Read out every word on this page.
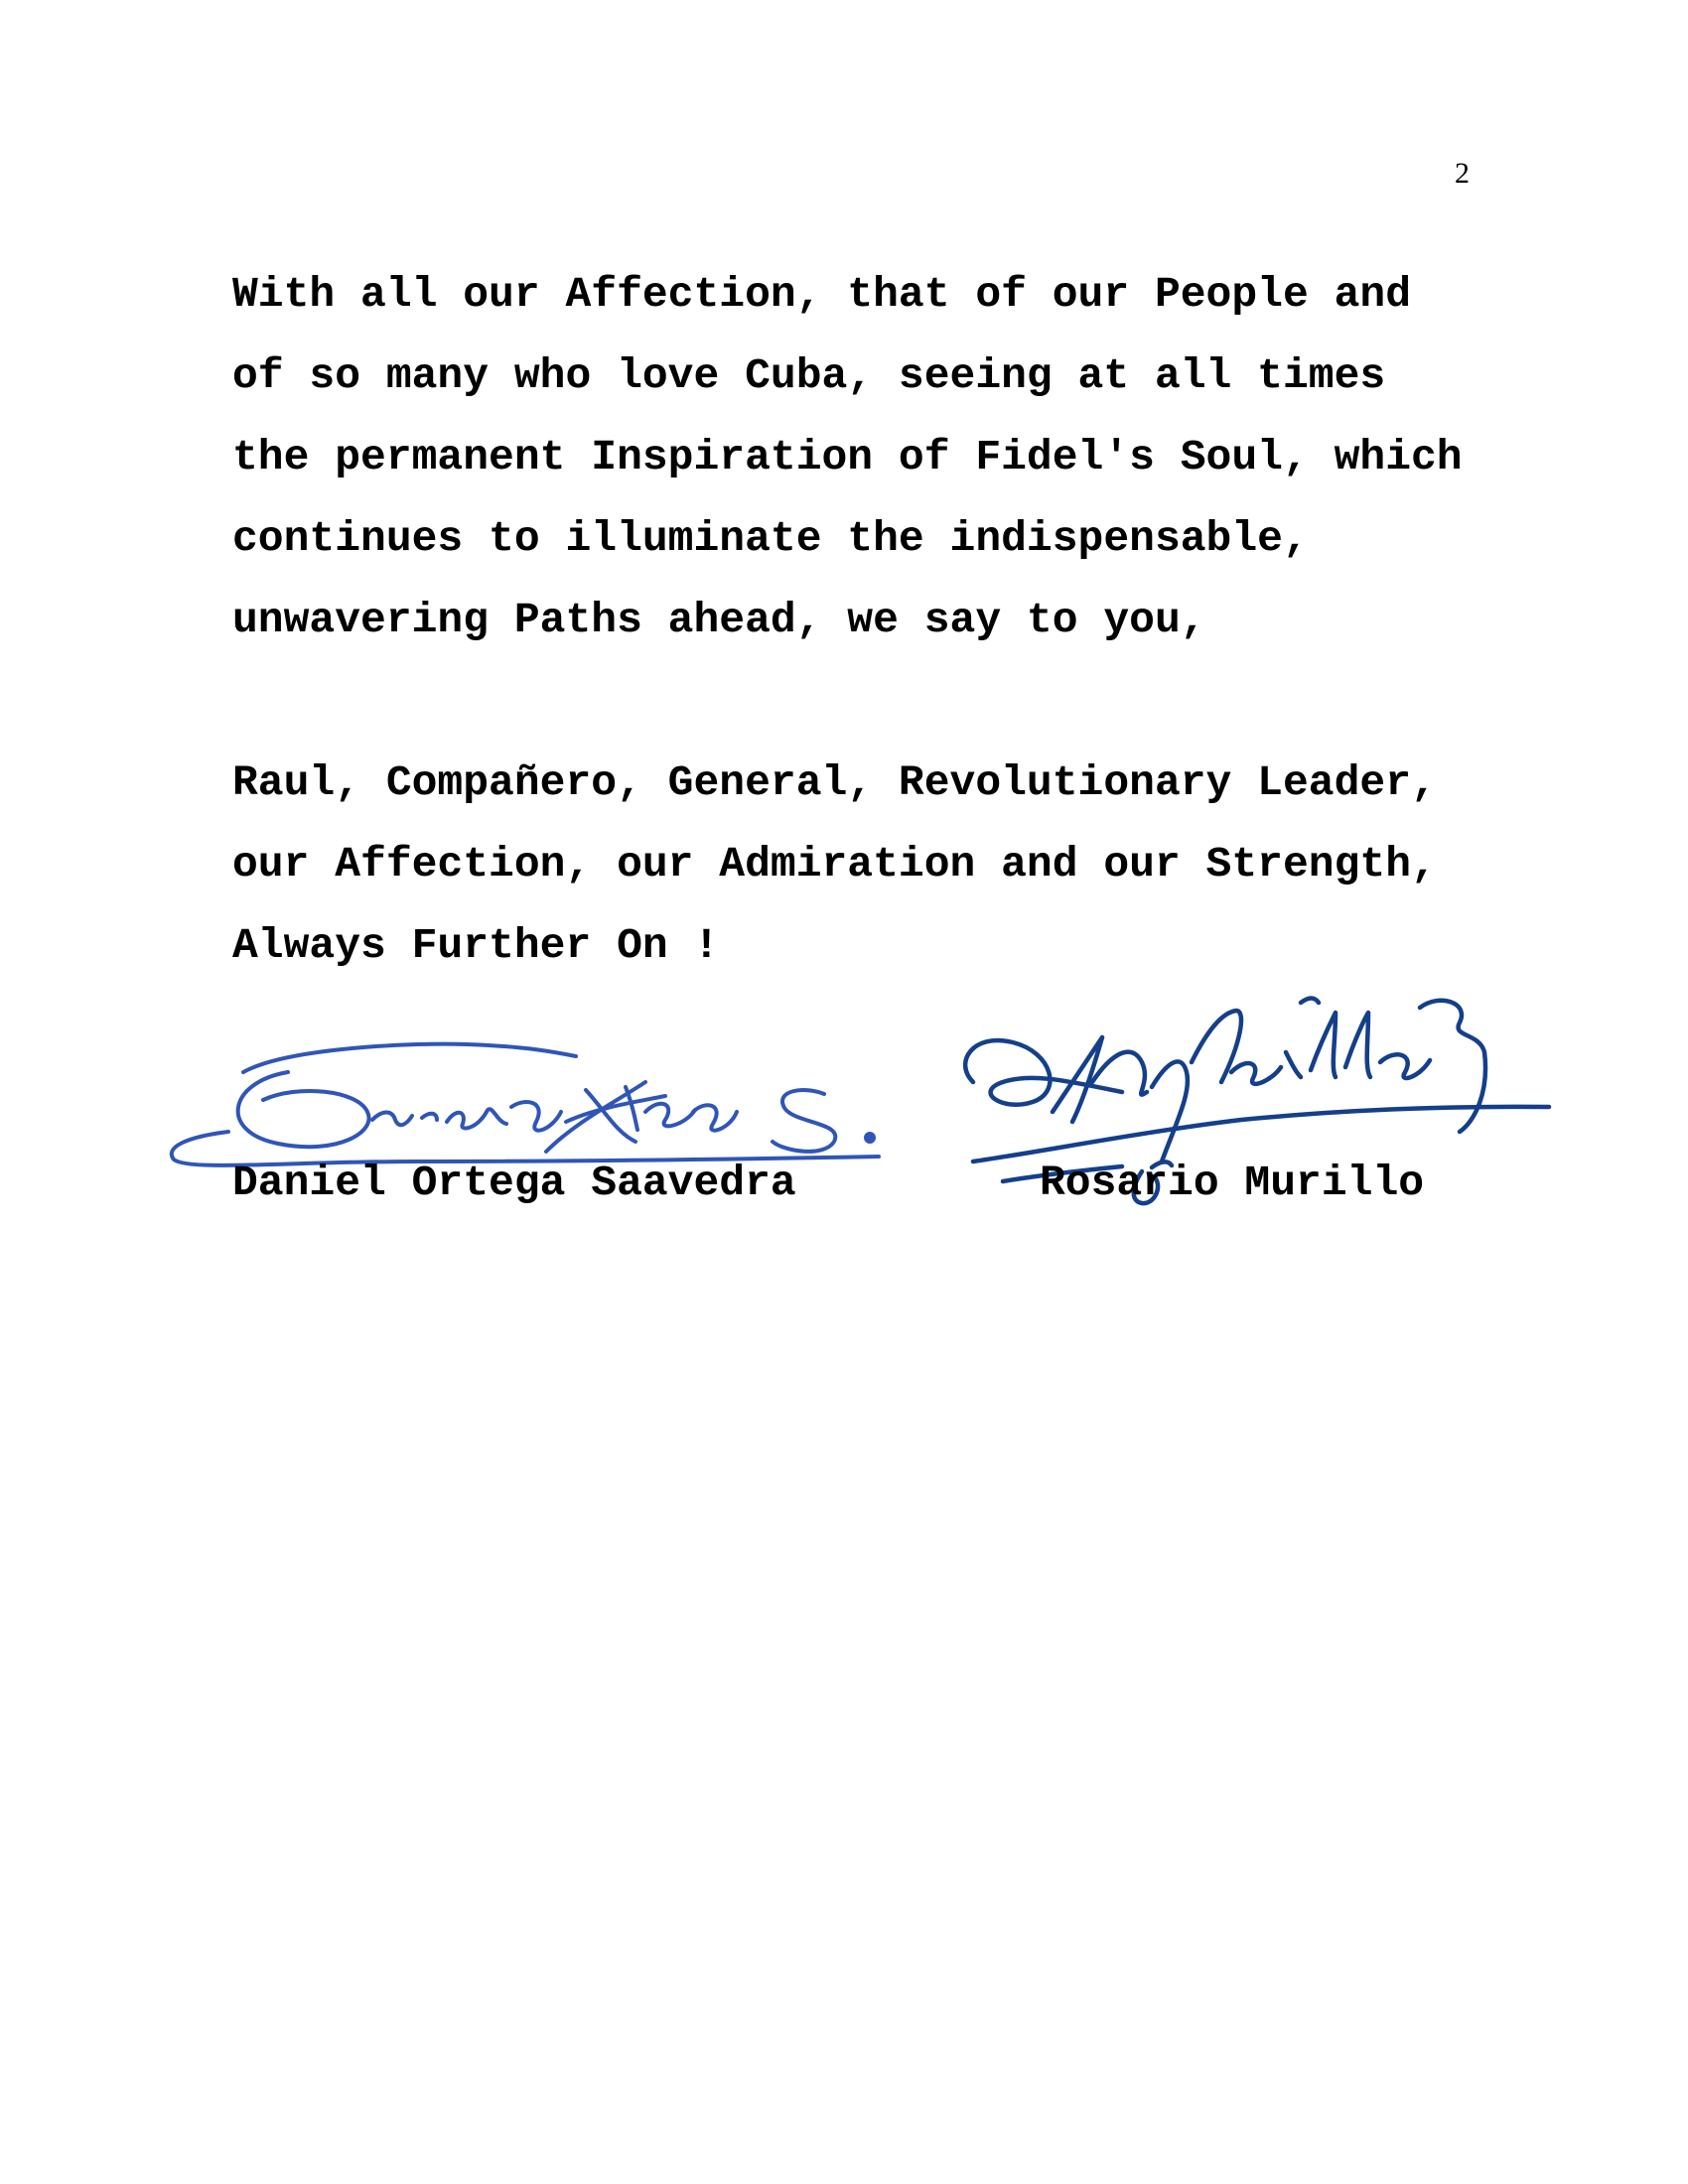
2

With all our Affection, that of our People and
of so many who love Cuba, seeing at all times
the permanent Inspiration of Fidel's Soul, which
continues to illuminate the indispensable,
unwavering Paths ahead, we say to you,

Raul, Compañero, General, Revolutionary Leader,
our Affection, our Admiration and our Strength,
Always Further On !

Daniel Ortega Saavedra	Rosario Murillo
